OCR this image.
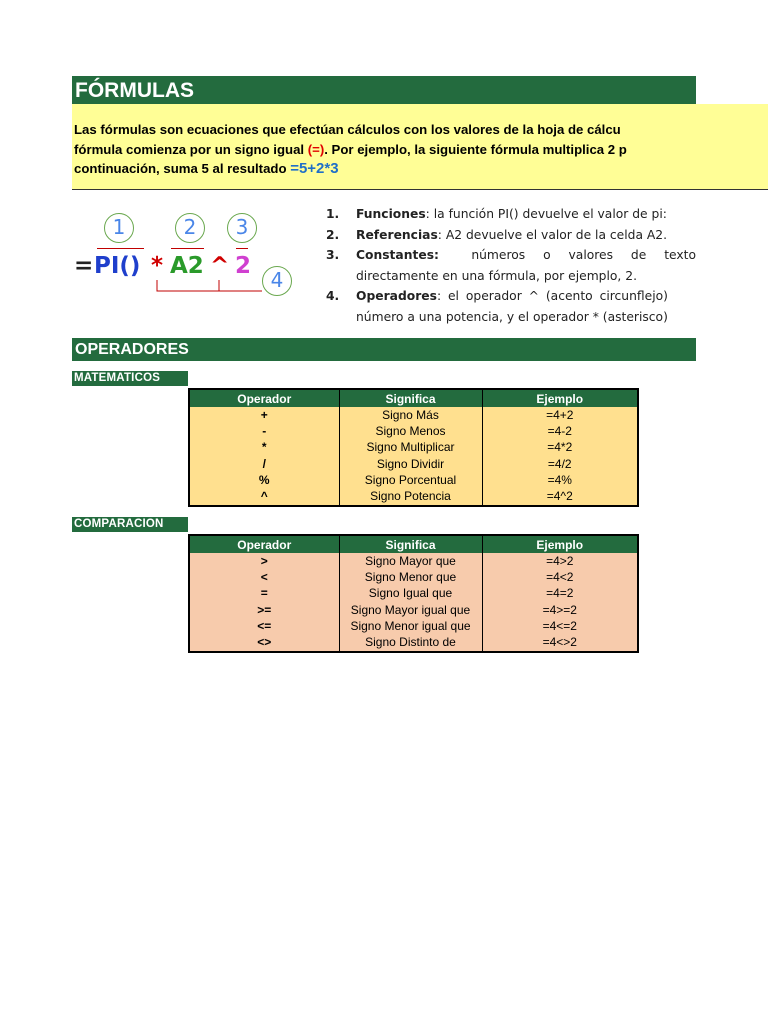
FÓRMULAS
Las fórmulas son ecuaciones que efectúan cálculos con los valores de la hoja de cálcu
fórmula comienza por un signo igual (=). Por ejemplo, la siguiente fórmula multiplica 2 p
continuación, suma 5 al resultado =5+2*3
1	2	3
4
= PI() * A2 ^ 2
1. Funciones: la función PI() devuelve el valor de pi:
2. Referencias: A2 devuelve el valor de la celda A2.
3. Constantes:	números o valores de texto
directamente en una fórmula, por ejemplo, 2.
4. Operadores: el operador ^ (acento circunflejo)
número a una potencia, y el operador * (asterisco)
OPERADORES
MATEMATICOS
Operador	Significa	Ejemplo
+	Signo Más	=4+2
-	Signo Menos	=4-2
*	Signo Multiplicar	=4*2
/	Signo Dividir	=4/2
%	Signo Porcentual	=4%
^	Signo Potencia	=4^2
COMPARACION
Operador	Significa	Ejemplo
>	Signo Mayor que	=4>2
<	Signo Menor que	=4<2
=	Signo Igual que	=4=2
>=	Signo Mayor igual que	=4>=2
<=	Signo Menor igual que	=4<=2
<>	Signo Distinto de	=4<>2
